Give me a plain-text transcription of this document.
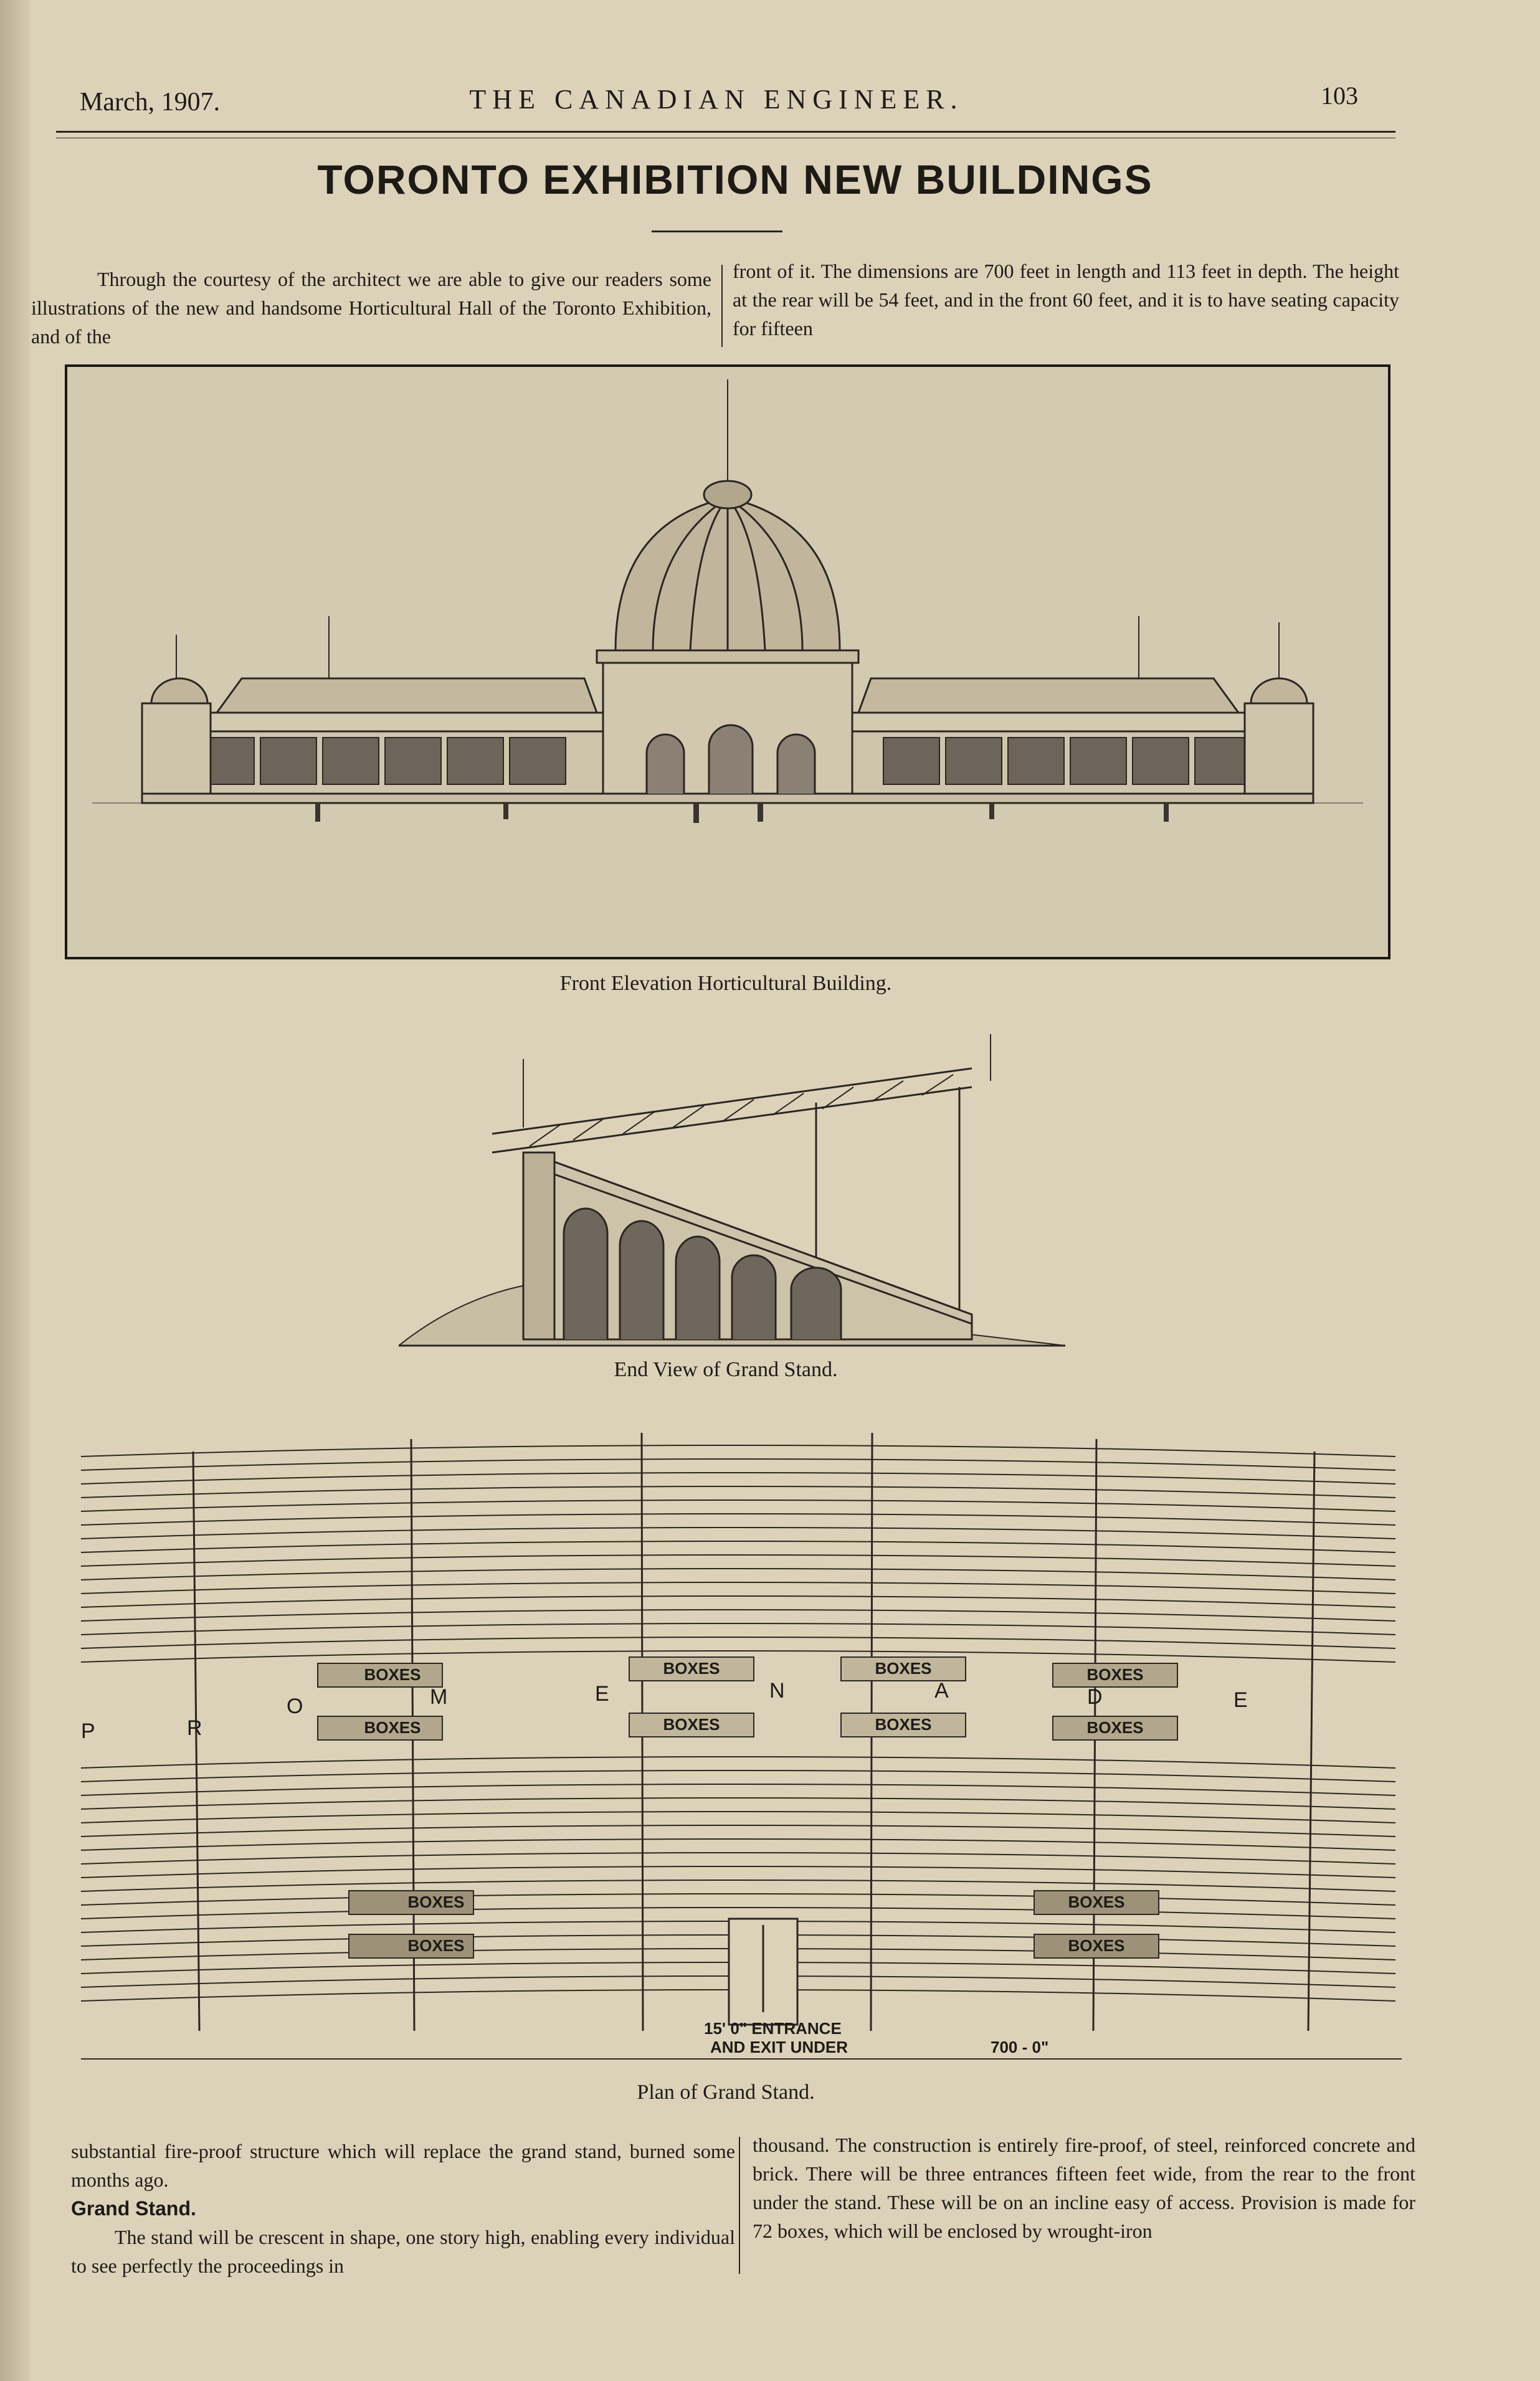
March, 1907.	THE CANADIAN ENGINEER.	103
TORONTO EXHIBITION NEW BUILDINGS

Through the courtesy of the architect we are able to give our readers some illustrations of the new and handsome Horticultural Hall of the Toronto Exhibition, and of the

front of it. The dimensions are 700 feet in length and 113 feet in depth. The height at the rear will be 54 feet, and in the front 60 feet, and it is to have seating capacity for fifteen

Front Elevation Horticultural Building.
End View of Grand Stand.
BOXES	BOXES	BOXES	BOXES
P	R
O	M	E	N	A	D	E
BOXES	BOXES	BOXES	BOXES
BOXES
BOXES
BOXES
BOXES
15' 0" ENTRANCE
AND EXIT UNDER	700 - 0"
Plan of Grand Stand.

substantial fire-proof structure which will replace the grand stand, burned some months ago.

Grand Stand.

The stand will be crescent in shape, one story high, enabling every individual to see perfectly the proceedings in

thousand. The construction is entirely fire-proof, of steel, reinforced concrete and brick. There will be three entrances fifteen feet wide, from the rear to the front under the stand. These will be on an incline easy of access. Provision is made for 72 boxes, which will be enclosed by wrought-iron
